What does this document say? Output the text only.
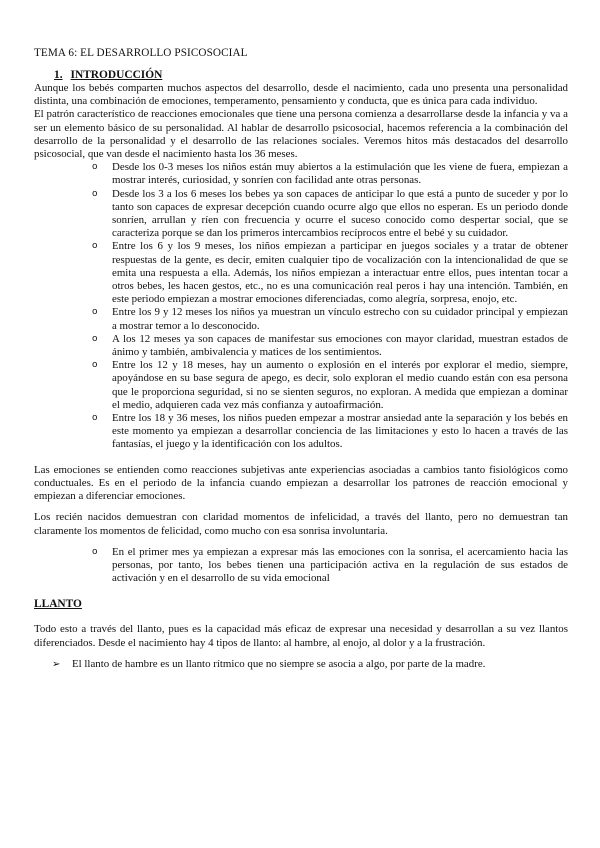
TEMA 6: EL DESARROLLO PSICOSOCIAL
1. INTRODUCCIÓN

Aunque los bebés comparten muchos aspectos del desarrollo, desde el nacimiento, cada uno presenta una personalidad distinta, una combinación de emociones, temperamento, pensamiento y conducta, que es única para cada individuo.

El patrón característico de reacciones emocionales que tiene una persona comienza a desarrollarse desde la infancia y va a ser un elemento básico de su personalidad. Al hablar de desarrollo psicosocial, hacemos referencia a la combinación del desarrollo de la personalidad y el desarrollo de las relaciones sociales. Veremos hitos más destacados del desarrollo psicosocial, que van desde el nacimiento hasta los 36 meses.

o Desde los 0-3 meses los niños están muy abiertos a la estimulación que les viene de fuera, empiezan a mostrar interés, curiosidad, y sonríen con facilidad ante otras personas.
o Desde los 3 a los 6 meses los bebes ya son capaces de anticipar lo que está a punto de suceder y por lo tanto son capaces de expresar decepción cuando ocurre algo que ellos no esperan. Es un periodo donde sonríen, arrullan y ríen con frecuencia y ocurre el suceso conocido como despertar social, que se caracteriza porque se dan los primeros intercambios recíprocos entre el bebé y su cuidador.
o Entre los 6 y los 9 meses, los niños empiezan a participar en juegos sociales y a tratar de obtener respuestas de la gente, es decir, emiten cualquier tipo de vocalización con la intencionalidad de que se emita una respuesta a ella. Además, los niños empiezan a interactuar entre ellos, pues intentan tocar a otros bebes, les hacen gestos, etc., no es una comunicación real peros i hay una intención. También, en este periodo empiezan a mostrar emociones diferenciadas, como alegría, sorpresa, enojo, etc.
o Entre los 9 y 12 meses los niños ya muestran un vínculo estrecho con su cuidador principal y empiezan a mostrar temor a lo desconocido.
o A los 12 meses ya son capaces de manifestar sus emociones con mayor claridad, muestran estados de ánimo y también, ambivalencia y matices de los sentimientos.
o Entre los 12 y 18 meses, hay un aumento o explosión en el interés por explorar el medio, siempre, apoyándose en su base segura de apego, es decir, solo exploran el medio cuando están con esa persona que le proporciona seguridad, si no se sienten seguros, no exploran. A medida que empiezan a dominar el medio, adquieren cada vez más confianza y autoafirmación.
o Entre los 18 y 36 meses, los niños pueden empezar a mostrar ansiedad ante la separación y los bebés en este momento ya empiezan a desarrollar conciencia de las limitaciones y esto lo hacen a través de las fantasías, el juego y la identificación con los adultos.

Las emociones se entienden como reacciones subjetivas ante experiencias asociadas a cambios tanto fisiológicos como conductuales. Es en el periodo de la infancia cuando empiezan a desarrollar los patrones de reacción emocional y empiezan a diferenciar emociones.

Los recién nacidos demuestran con claridad momentos de infelicidad, a través del llanto, pero no demuestran tan claramente los momentos de felicidad, como mucho con esa sonrisa involuntaria.

o En el primer mes ya empiezan a expresar más las emociones con la sonrisa, el acercamiento hacia las personas, por tanto, los bebes tienen una participación activa en la regulación de sus estados de activación y en el desarrollo de su vida emocional
LLANTO

Todo esto a través del llanto, pues es la capacidad más eficaz de expresar una necesidad y desarrollan a su vez llantos diferenciados. Desde el nacimiento hay 4 tipos de llanto: al hambre, al enojo, al dolor y a la frustración.

➢ El llanto de hambre es un llanto rítmico que no siempre se asocia a algo, por parte de la madre.
